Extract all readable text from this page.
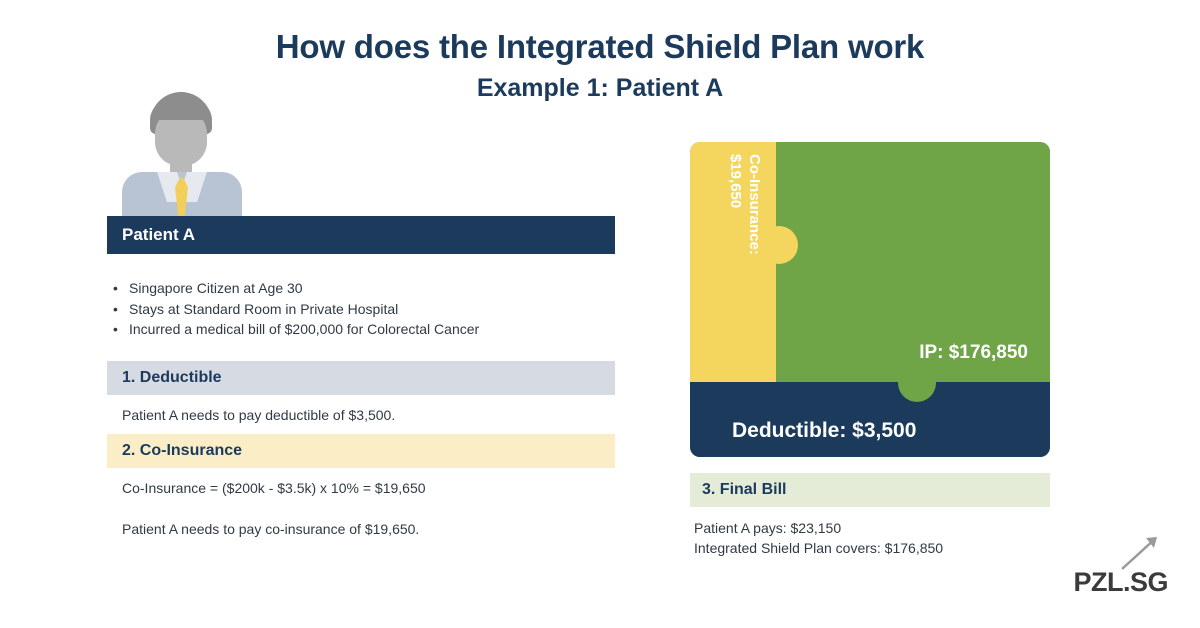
How does the Integrated Shield Plan work
Example 1: Patient A
Patient A
• Singapore Citizen at Age 30
• Stays at Standard Room in Private Hospital
• Incurred a medical bill of $200,000 for Colorectal Cancer
1. Deductible
Patient A needs to pay deductible of $3,500.
2. Co-Insurance
Co-Insurance = ($200k - $3.5k) x 10% = $19,650
Patient A needs to pay co-insurance of $19,650.
IP: $176,850
Co-Insurance:
$19,650
Deductible: $3,500
3. Final Bill
Patient A pays: $23,150
Integrated Shield Plan covers: $176,850
PZL.SG
